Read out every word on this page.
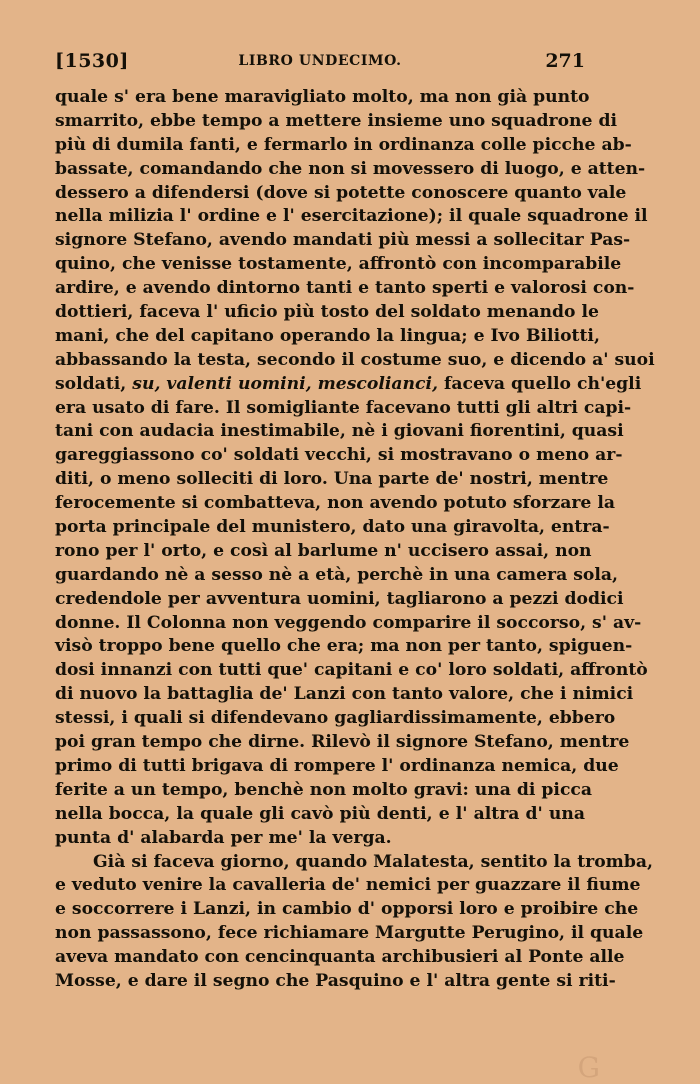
[1530]	LIBRO UNDECIMO.	271
quale s' era bene maravigliato molto, ma non già punto
smarrito, ebbe tempo a mettere insieme uno squadrone di
più di dumila fanti, e fermarlo in ordinanza colle picche ab-
bassate, comandando che non si movessero di luogo, e atten-
dessero a difendersi (dove si potette conoscere quanto vale
nella milizia l' ordine e l' esercitazione); il quale squadrone il
signore Stefano, avendo mandati più messi a sollecitar Pas-
quino, che venisse tostamente, affrontò con incomparabile
ardire, e avendo dintorno tanti e tanto sperti e valorosi con-
dottieri, faceva l' uficio più tosto del soldato menando le
mani, che del capitano operando la lingua; e Ivo Biliotti,
abbassando la testa, secondo il costume suo, e dicendo a' suoi
soldati, su, valenti uomini, mescolianci, faceva quello ch'egli
era usato di fare. Il somigliante facevano tutti gli altri capi-
tani con audacia inestimabile, nè i giovani fiorentini, quasi
gareggiassono co' soldati vecchi, si mostravano o meno ar-
diti, o meno solleciti di loro. Una parte de' nostri, mentre
ferocemente si combatteva, non avendo potuto sforzare la
porta principale del munistero, dato una giravolta, entra-
rono per l' orto, e così al barlume n' uccisero assai, non
guardando nè a sesso nè a età, perchè in una camera sola,
credendole per avventura uomini, tagliarono a pezzi dodici
donne. Il Colonna non veggendo comparire il soccorso, s' av-
visò troppo bene quello che era; ma non per tanto, spiguen-
dosi innanzi con tutti que' capitani e co' loro soldati, affrontò
di nuovo la battaglia de' Lanzi con tanto valore, che i nimici
stessi, i quali si difendevano gagliardissimamente, ebbero
poi gran tempo che dirne. Rilevò il signore Stefano, mentre
primo di tutti brigava di rompere l' ordinanza nemica, due
ferite a un tempo, benchè non molto gravi: una di picca
nella bocca, la quale gli cavò più denti, e l' altra d' una
punta d' alabarda per me' la verga.
Già si faceva giorno, quando Malatesta, sentito la tromba,
e veduto venire la cavalleria de' nemici per guazzare il fiume
e soccorrere i Lanzi, in cambio d' opporsi loro e proibire che
non passassono, fece richiamare Margutte Perugino, il quale
aveva mandato con cencinquanta archibusieri al Ponte alle
Mosse, e dare il segno che Pasquino e l' altra gente si riti-
G
